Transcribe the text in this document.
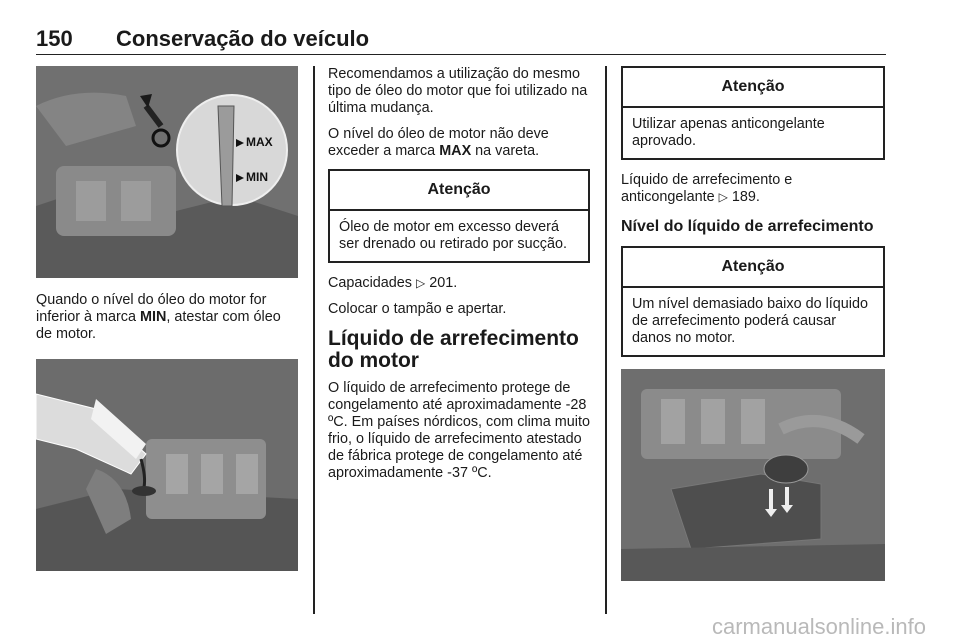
150 Conservação do veículo
MAX
MIN

Quando o nível do óleo do motor for inferior à marca MIN, atestar com óleo de motor.

Recomendamos a utilização do mesmo tipo de óleo do motor que foi utilizado na última mudança.

O nível do óleo de motor não deve exceder a marca MAX na vareta.

Atenção
Óleo de motor em excesso deverá ser drenado ou retirado por sucção.

Capacidades ▷ 201.

Colocar o tampão e apertar.

Líquido de arrefecimento do motor

O líquido de arrefecimento protege de congelamento até aproximadamente -28 ºC. Em países nórdicos, com clima muito frio, o líquido de arrefecimento atestado de fábrica protege de congelamento até aproximadamente -37 ºC.

Atenção
Utilizar apenas anticongelante aprovado.

Líquido de arrefecimento e anticongelante ▷ 189.

Nível do líquido de arrefecimento
Atenção
Um nível demasiado baixo do líquido de arrefecimento poderá causar danos no motor.
carmanualsonline.info
